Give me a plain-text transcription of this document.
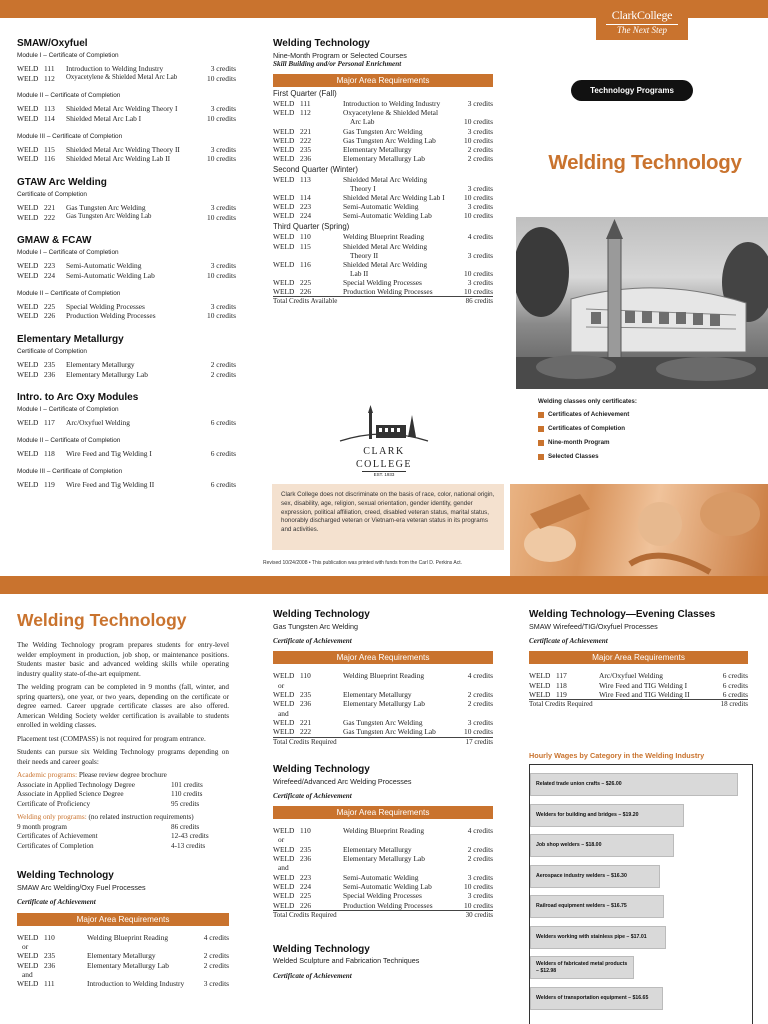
ClarkCollege
The Next Step
SMAW/Oxyfuel
Module I – Certificate of Completion
WELD 111	Introduction to Welding Industry	3 credits
WELD 112	Oxyacetylene & Shielded Metal Arc Lab	10 credits
Module II – Certificate of Completion
WELD 113	Shielded Metal Arc Welding Theory I	3 credits
WELD 114	Shielded Metal Arc Lab I	10 credits
Module III – Certificate of Completion
WELD 115	Shielded Metal Arc Welding Theory II	3 credits
WELD 116	Shielded Metal Arc Welding Lab II	10 credits
GTAW Arc Welding
Certificate of Completion
WELD 221	Gas Tungsten Arc Welding	3 credits
WELD 222	Gas Tungsten Arc Welding Lab	10 credits
GMAW & FCAW
Module I – Certificate of Completion
WELD 223	Semi-Automatic Welding	3 credits
WELD 224	Semi-Automatic Welding Lab	10 credits
Module II – Certificate of Completion
WELD 225	Special Welding Processes	3 credits
WELD 226	Production Welding Processes	10 credits
Elementary Metallurgy
Certificate of Completion
WELD 235	Elementary Metallurgy	2 credits
WELD 236	Elementary Metallurgy Lab	2 credits
Intro. to Arc Oxy Modules
Module I – Certificate of Completion
WELD 117	Arc/Oxyfuel Welding	6 credits
Module II – Certificate of Completion
WELD 118	Wire Feed and Tig Welding I	6 credits
Module III – Certificate of Completion
WELD 119	Wire Feed and Tig Welding II	6 credits
Welding Technology
Nine-Month Program or Selected Courses
Skill Building and/or Personal Enrichment
Major Area Requirements
First Quarter (Fall)
WELD 111	Introduction to Welding Industry	3 credits
WELD 112	Oxyacetylene & Shielded Metal
Arc Lab	10 credits
WELD 221	Gas Tungsten Arc Welding	3 credits
WELD 222	Gas Tungsten Arc Welding Lab	10 credits
WELD 235	Elementary Metallurgy	2 credits
WELD 236	Elementary Metallurgy Lab	2 credits
Second Quarter (Winter)
WELD 113	Shielded Metal Arc Welding
Theory I	3 credits
WELD 114	Shielded Metal Arc Welding Lab I	10 credits
WELD 223	Semi-Automatic Welding	3 credits
WELD 224	Semi-Automatic Welding Lab	10 credits
Third Quarter (Spring)
WELD 110	Welding Blueprint Reading	4 credits
WELD 115	Shielded Metal Arc Welding
Theory II	3 credits
WELD 116	Shielded Metal Arc Welding
Lab II	10 credits
WELD 225	Special Welding Processes	3 credits
WELD 226	Production Welding Processes	10 credits
Total Credits Available	86 credits
CLARK COLLEGE
EST. 1933
Clark College does not discriminate on the basis of race, color, national origin, sex, disability, age, religion, sexual orientation, gender identity, gender expression, political affiliation, creed, disabled veteran status, marital status, honorably discharged veteran or Vietnam-era veteran status in its programs and activities.
Revised 10/24/2008 • This publication was printed with funds from the Carl D. Perkins Act.
Technology Programs
Welding Technology
Welding classes only certificates:
Certificates of Achievement
Certificates of Completion
Nine-month Program
Selected Classes
Welding Technology
The Welding Technology program prepares students for entry-level welder employment in production, job shop, or maintenance positions. Students master basic and advanced welding skills while operating industry quality state-of-the-art equipment.
The welding program can be completed in 9 months (fall, winter, and spring quarters), one year, or two years, depending on the certificate or degree earned. Career upgrade certificate classes are also offered. American Welding Society welder certification is available to students enrolled in welding classes.
Placement test (COMPASS) is not required for program entrance.
Students can pursue six Welding Technology programs depending on their needs and career goals:
Academic programs: Please review degree brochure
Associate in Applied Technology Degree	101 credits
Associate in Applied Science Degree	110 credits
Certificate of Proficiency	95 credits
Welding only programs: (no related instruction requirements)
9 month program	86 credits
Certificates of Achievement	12-43 credits
Certificates of Completion	4-13 credits
Welding Technology
SMAW Arc Welding/Oxy Fuel Processes
Certificate of Achievement
Major Area Requirements
WELD 110	Welding Blueprint Reading	4 credits
or
WELD 235	Elementary Metallurgy	2 credits
WELD 236	Elementary Metallurgy Lab	2 credits
and
WELD 111	Introduction to Welding Industry	3 credits
Welding Technology
Gas Tungsten Arc Welding
Certificate of Achievement
Major Area Requirements
WELD 110	Welding Blueprint Reading	4 credits
or
WELD 235	Elementary Metallurgy	2 credits
WELD 236	Elementary Metallurgy Lab	2 credits
and
WELD 221	Gas Tungsten Arc Welding	3 credits
WELD 222	Gas Tungsten Arc Welding Lab	10 credits
Total Credits Required	17 credits
Welding Technology
Wirefeed/Advanced Arc Welding Processes
Certificate of Achievement
Major Area Requirements
WELD 110	Welding Blueprint Reading	4 credits
or
WELD 235	Elementary Metallurgy	2 credits
WELD 236	Elementary Metallurgy Lab	2 credits
and
WELD 223	Semi-Automatic Welding	3 credits
WELD 224	Semi-Automatic Welding Lab	10 credits
WELD 225	Special Welding Processes	3 credits
WELD 226	Production Welding Processes	10 credits
Total Credits Required	30 credits
Welding Technology
Welded Sculpture and Fabrication Techniques
Certificate of Achievement
Welding Technology—Evening Classes
SMAW Wirefeed/TIG/Oxyfuel Processes
Certificate of Achievement
Major Area Requirements
WELD 117	Arc/Oxyfuel Welding	6 credits
WELD 118	Wire Feed and TIG Welding I	6 credits
WELD 119	Wire Feed and TIG Welding II	6 credits
Total Credits Required	18 credits
Hourly Wages by Category in the Welding Industry
Related trade union crafts – $26.00
Welders for building and bridges – $19.20
Job shop welders – $18.00
Aerospace industry welders – $16.30
Railroad equipment welders – $16.75
Welders working with stainless pipe – $17.01
Welders of fabricated metal products – $12.98
Welders of transportation equipment – $16.65
